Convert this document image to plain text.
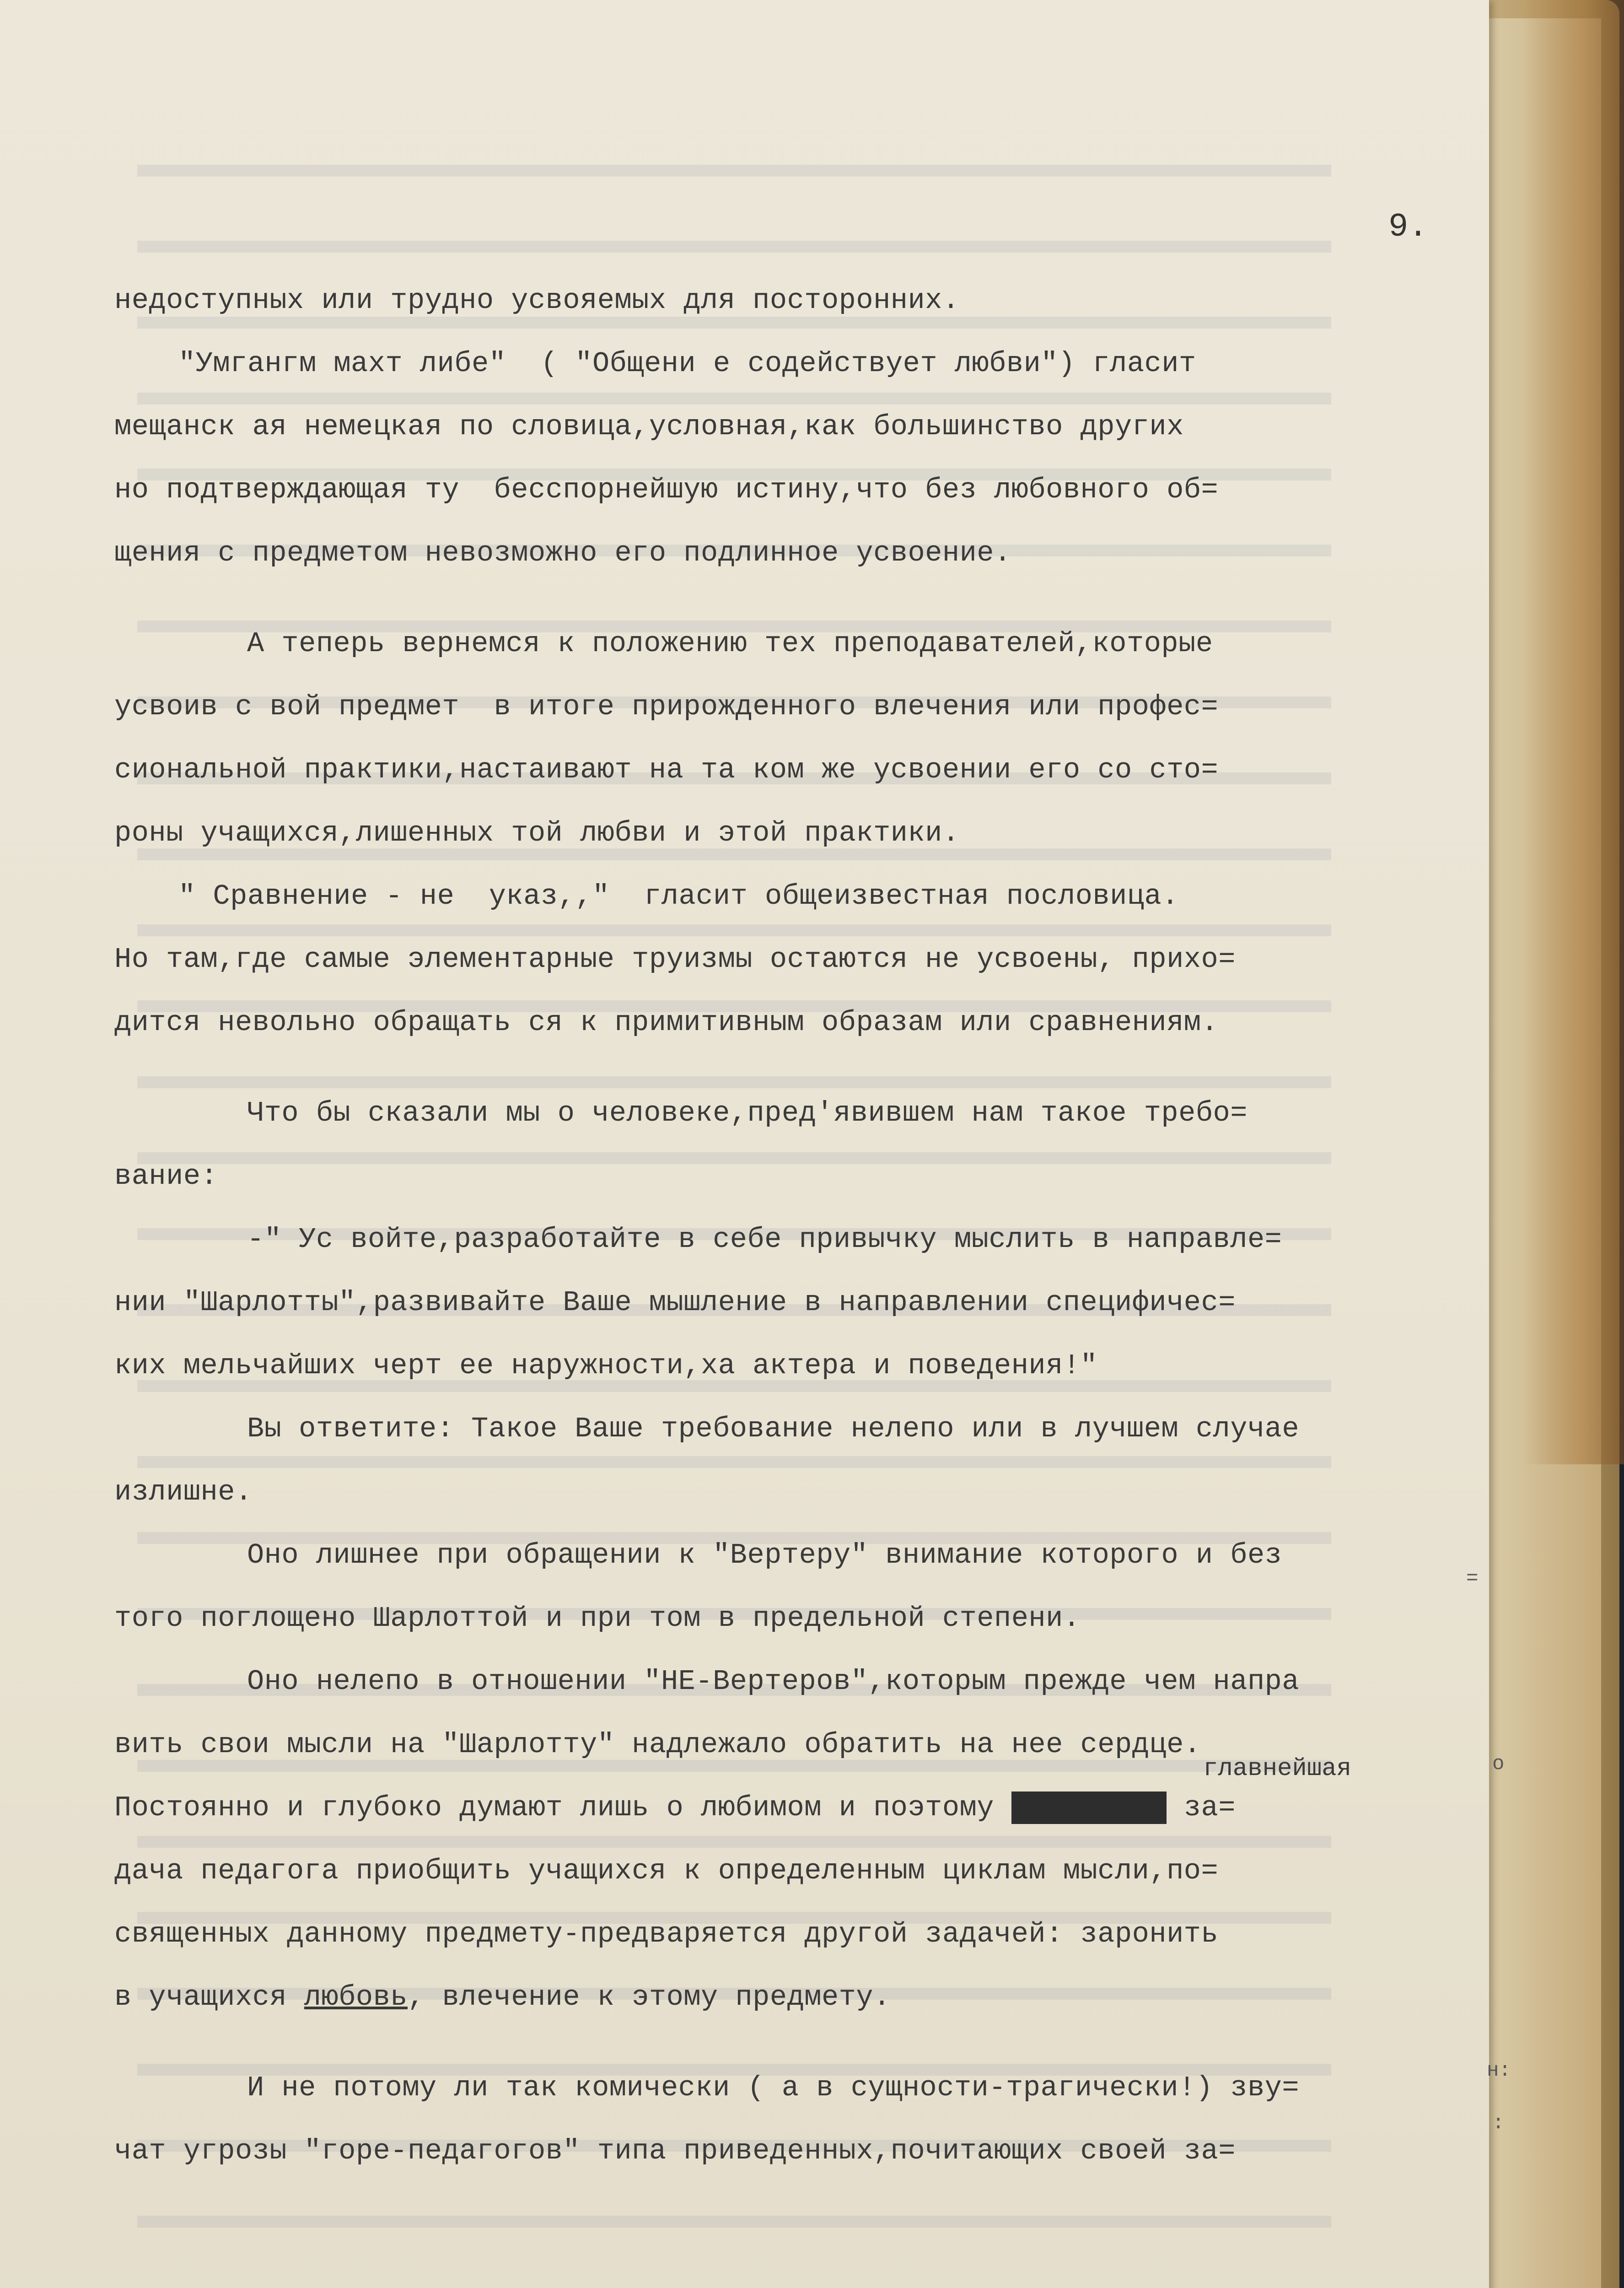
9.
недоступных или трудно усвояемых для посторонних.
"Умгангм махт либе"  ( "Общени е содействует любви") гласит
мещанск ая немецкая по словица,условная,как большинство других
но подтверждающая ту  бесспорнейшую истину,что без любовного об=
щения с предметом невозможно его подлинное усвоение.
А теперь вернемся к положению тех преподавателей,которые
усвоив с вой предмет  в итоге прирожденного влечения или профес=
сиональной практики,настаивают на та ком же усвоении его со сто=
роны учащихся,лишенных той любви и этой практики.
" Сравнение - не  указ,,"  гласит общеизвестная пословица.
Но там,где самые элементарные труизмы остаются не усвоены, прихо=
дится невольно обращать ся к примитивным образам или сравнениям.
Что бы сказали мы о человеке,пред'явившем нам такое требо=
вание:
-" Ус войте,разработайте в себе привычку мыслить в направле=
нии "Шарлотты",развивайте Ваше мышление в направлении специфичес=
ких мельчайших черт ее наружности,ха актера и поведения!"
Вы ответите: Такое Ваше требование нелепо или в лучшем случае
излишне.
Оно лишнее при обращении к "Вертеру" внимание которого и без
того поглощено Шарлоттой и при том в предельной степени.
Оно нелепо в отношении "НЕ-Вертеров",которым прежде чем напра
вить свои мысли на "Шарлотту" надлежало обратить на нее сердце.
Постоянно и глубоко думают лишь о любимом и поэтому XXXXXXXXX за=
дача педагога приобщить учащихся к определенным циклам мысли,по=
священных данному предмету-предваряется другой задачей: заронить
в учащихся любовь, влечение к этому предмету.
И не потому ли так комически ( а в сущности-трагически!) зву=
чат угрозы "горе-педагогов" типа приведенных,почитающих своей за=
главнейшая
=
о
н:
:
